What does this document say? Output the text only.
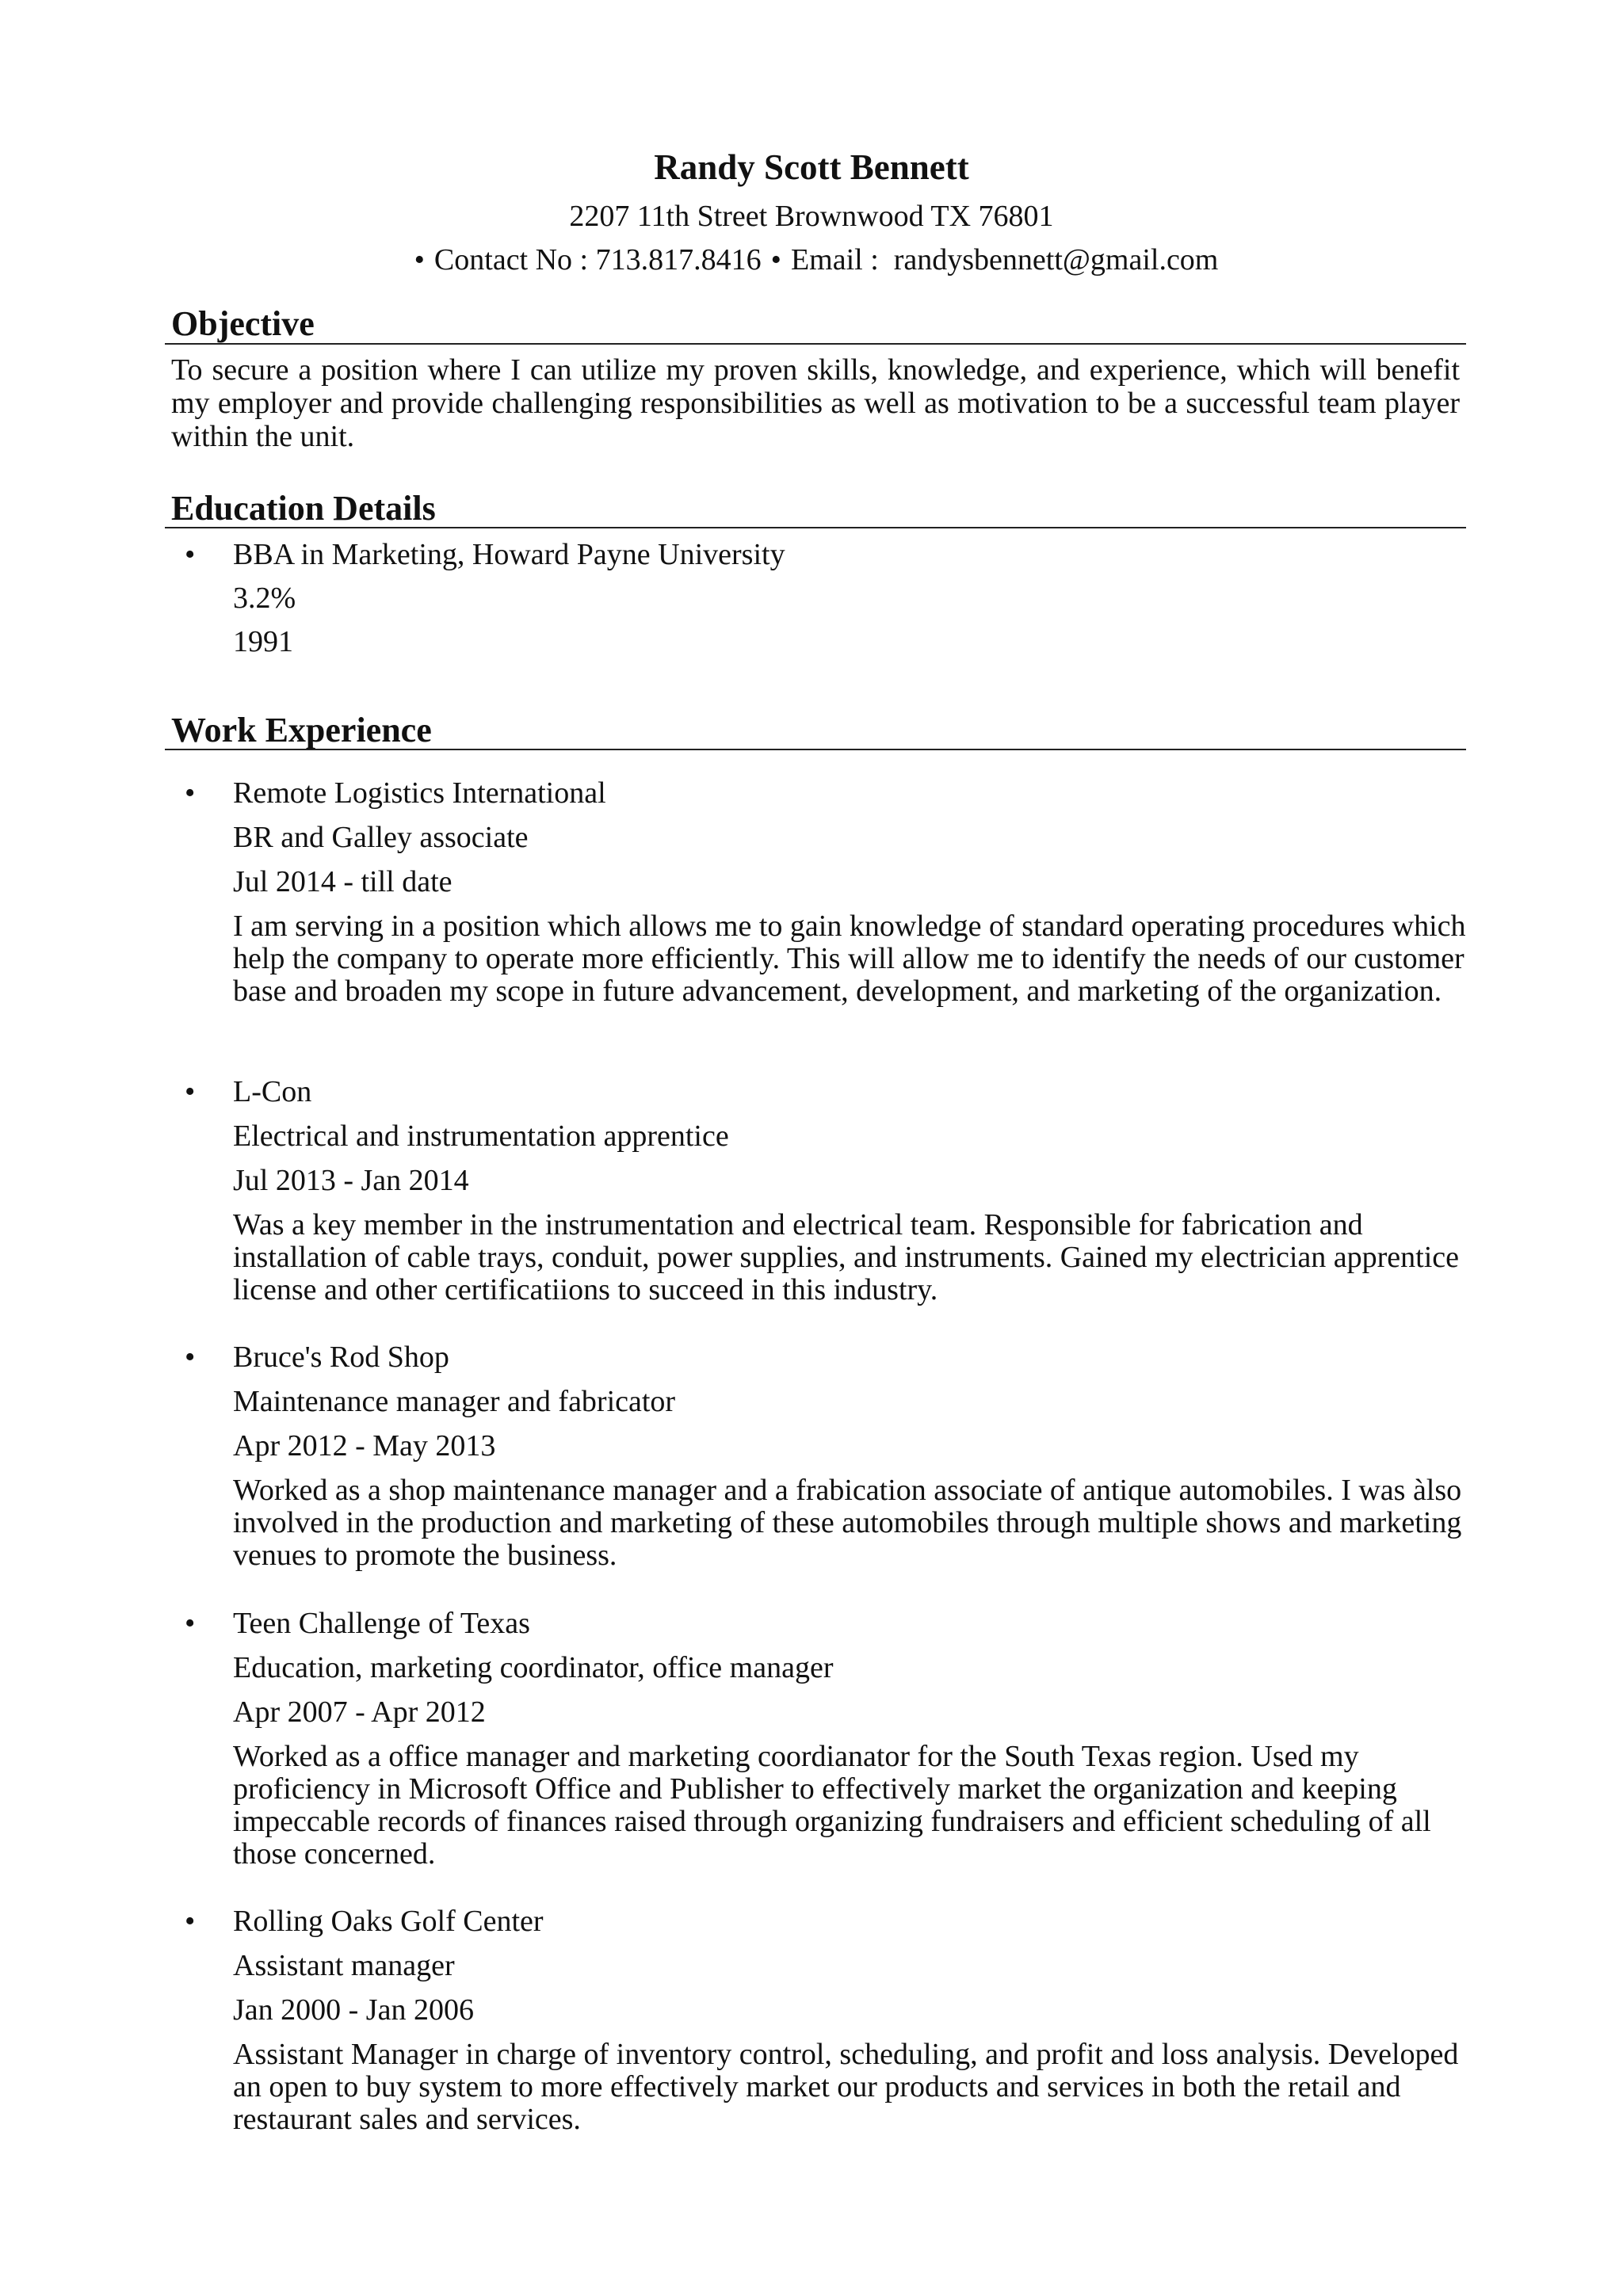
Randy Scott Bennett
2207 11th Street Brownwood TX 76801
• Contact No : 713.817.8416 • Email : randysbennett@gmail.com
Objective
To secure a position where I can utilize my proven skills, knowledge, and experience, which will benefit my employer and provide challenging responsibilities as well as motivation to be a successful team player within the unit.
Education Details
• BBA in Marketing, Howard Payne University
3.2%
1991
Work Experience
• Remote Logistics International
BR and Galley associate
Jul 2014 - till date
I am serving in a position which allows me to gain knowledge of standard operating procedures which help the company to operate more efficiently. This will allow me to identify the needs of our customer base and broaden my scope in future advancement, development, and marketing of the organization.
• L-Con
Electrical and instrumentation apprentice
Jul 2013 - Jan 2014
Was a key member in the instrumentation and electrical team. Responsible for fabrication and installation of cable trays, conduit, power supplies, and instruments. Gained my electrician apprentice license and other certificatiions to succeed in this industry.
• Bruce's Rod Shop
Maintenance manager and fabricator
Apr 2012 - May 2013
Worked as a shop maintenance manager and a frabication associate of antique automobiles. I was àlso involved in the production and marketing of these automobiles through multiple shows and marketing venues to promote the business.
• Teen Challenge of Texas
Education, marketing coordinator, office manager
Apr 2007 - Apr 2012
Worked as a office manager and marketing coordianator for the South Texas region. Used my proficiency in Microsoft Office and Publisher to effectively market the organization and keeping impeccable records of finances raised through organizing fundraisers and efficient scheduling of all those concerned.
• Rolling Oaks Golf Center
Assistant manager
Jan 2000 - Jan 2006
Assistant Manager in charge of inventory control, scheduling, and profit and loss analysis. Developed an open to buy system to more effectively market our products and services in both the retail and restaurant sales and services.
